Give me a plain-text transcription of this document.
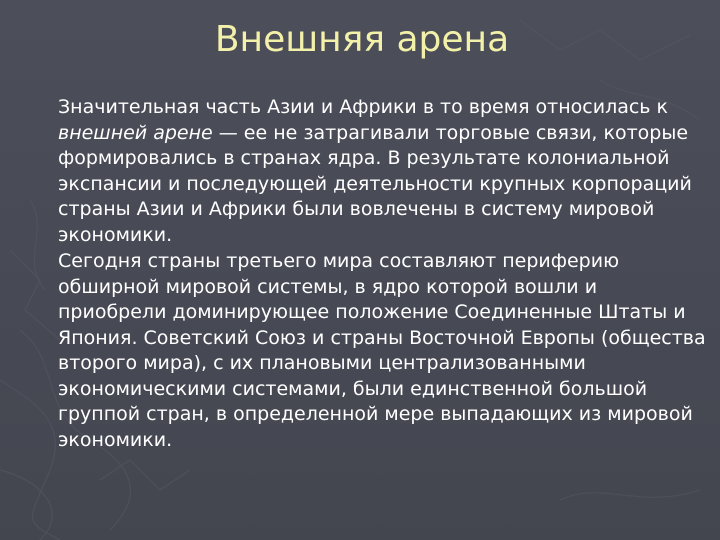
Внешняя арена

Значительная часть Азии и Африки в то время относилась к внешней арене — ее не затрагивали торговые связи, которые формировались в странах ядра. В результате колониальной экспансии и последующей деятельности крупных корпораций страны Азии и Африки были вовлечены в систему мировой экономики.

Сегодня страны третьего мира составляют периферию обширной мировой системы, в ядро которой вошли и приобрели доминирующее положение Соединенные Штаты и Япония. Советский Союз и страны Восточной Европы (общества второго мира), с их плановыми централизованными экономическими системами, были единственной большой группой стран, в определенной мере выпадающих из мировой экономики.
